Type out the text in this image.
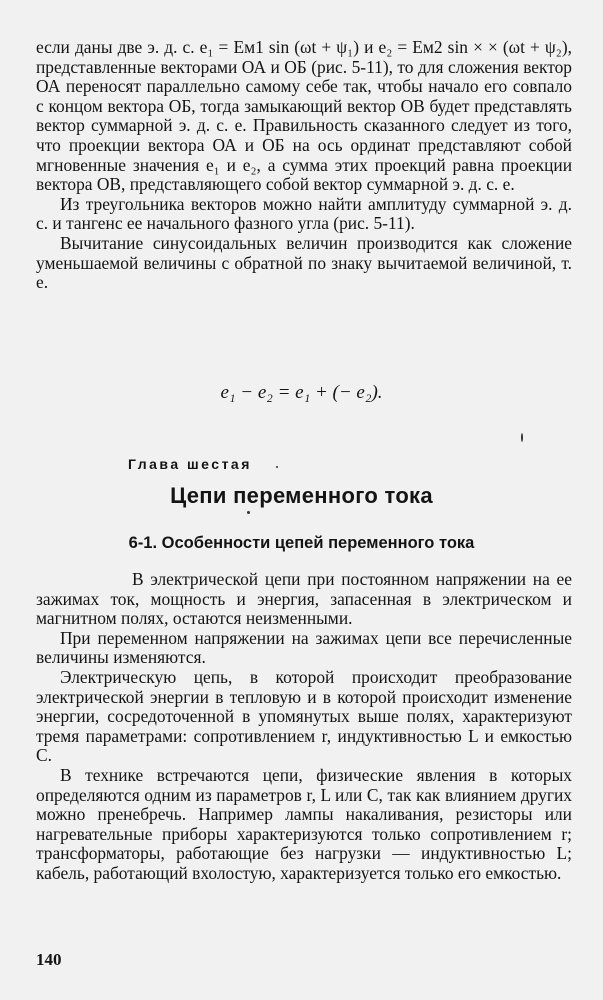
если даны две э. д. с. e₁ = Eм1 sin (ωt + ψ₁) и e₂ = Eм2 sin × × (ωt + ψ₂), представленные векторами ОА и ОБ (рис. 5-11), то для сложения вектор ОА переносят параллельно самому себе так, чтобы начало его совпало с концом вектора ОБ, тогда замыкающий вектор ОВ будет представлять вектор суммарной э. д. с. e. Правильность сказанного следует из того, что проекции вектора ОА и ОБ на ось ординат представляют собой мгновенные значения e₁ и e₂, а сумма этих проекций равна проекции вектора ОВ, представляющего собой вектор суммарной э. д. с. e.

Из треугольника векторов можно найти амплитуду суммарной э. д. с. и тангенс ее начального фазного угла (рис. 5-11).

Вычитание синусоидальных величин производится как сложение уменьшаемой величины с обратной по знаку вычитаемой величиной, т. е.

e₁ − e₂ = e₁ + (− e₂).
Глава шестая
Цепи переменного тока
6-1. Особенности цепей переменного тока

В электрической цепи при постоянном напряжении на ее зажимах ток, мощность и энергия, запасенная в электрическом и магнитном полях, остаются неизменными.

При переменном напряжении на зажимах цепи все перечисленные величины изменяются.

Электрическую цепь, в которой происходит преобразование электрической энергии в тепловую и в которой происходит изменение энергии, сосредоточенной в упомянутых выше полях, характеризуют тремя параметрами: сопротивлением r, индуктивностью L и емкостью C.

В технике встречаются цепи, физические явления в которых определяются одним из параметров r, L или C, так как влиянием других можно пренебречь. Например лампы накаливания, резисторы или нагревательные приборы характеризуются только сопротивлением r; трансформаторы, работающие без нагрузки — индуктивностью L; кабель, работающий вхолостую, характеризуется только его емкостью.

140
